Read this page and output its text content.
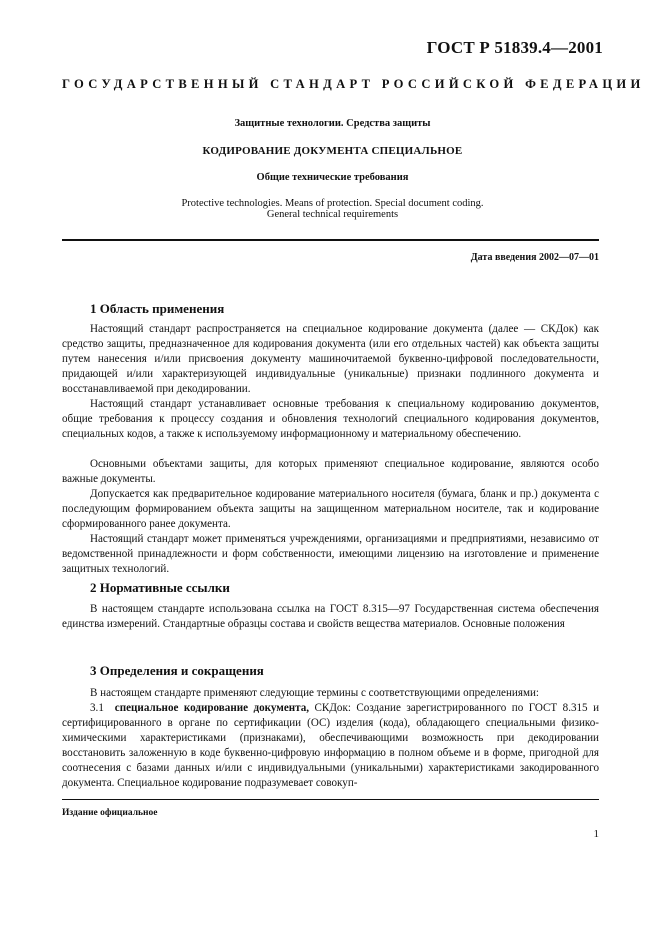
ГОСТ Р 51839.4—2001
ГОСУДАРСТВЕННЫЙ СТАНДАРТ РОССИЙСКОЙ ФЕДЕРАЦИИ
Защитные технологии. Средства защиты
КОДИРОВАНИЕ ДОКУМЕНТА СПЕЦИАЛЬНОЕ
Общие технические требования
Protective technologies. Means of protection. Special document coding.
General technical requirements
Дата введения 2002—07—01
1 Область применения
Настоящий стандарт распространяется на специальное кодирование документа (далее — СКДок) как средство защиты, предназначенное для кодирования документа (или его отдельных частей) как объекта защиты путем нанесения и/или присвоения документу машиночитаемой буквенно-цифровой последовательности, придающей и/или характеризующей индивидуальные (уникальные) признаки подлинного документа и восстанавливаемой при декодировании.
Настоящий стандарт устанавливает основные требования к специальному кодированию документов, общие требования к процессу создания и обновления технологий специального кодирования документов, специальных кодов, а также к используемому информационному и материальному обеспечению.
Основными объектами защиты, для которых применяют специальное кодирование, являются особо важные документы.
Допускается как предварительное кодирование материального носителя (бумага, бланк и пр.) документа с последующим формированием объекта защиты на защищенном материальном носителе, так и кодирование сформированного ранее документа.
Настоящий стандарт может применяться учреждениями, организациями и предприятиями, независимо от ведомственной принадлежности и форм собственности, имеющими лицензию на изготовление и применение защитных технологий.
2 Нормативные ссылки
В настоящем стандарте использована ссылка на ГОСТ 8.315—97 Государственная система обеспечения единства измерений. Стандартные образцы состава и свойств вещества материалов. Основные положения
3 Определения и сокращения
В настоящем стандарте применяют следующие термины с соответствующими определениями:
3.1 специальное кодирование документа, СКДок: Создание зарегистрированного по ГОСТ 8.315 и сертифицированного в органе по сертификации (ОС) изделия (кода), обладающего специальными физико-химическими характеристиками (признаками), обеспечивающими возможность при декодировании восстановить заложенную в коде буквенно-цифровую информацию в полном объеме и в форме, пригодной для соотнесения с базами данных и/или с индивидуальными (уникальными) характеристиками закодированного документа. Специальное кодирование подразумевает совокуп-
Издание официальное
1
